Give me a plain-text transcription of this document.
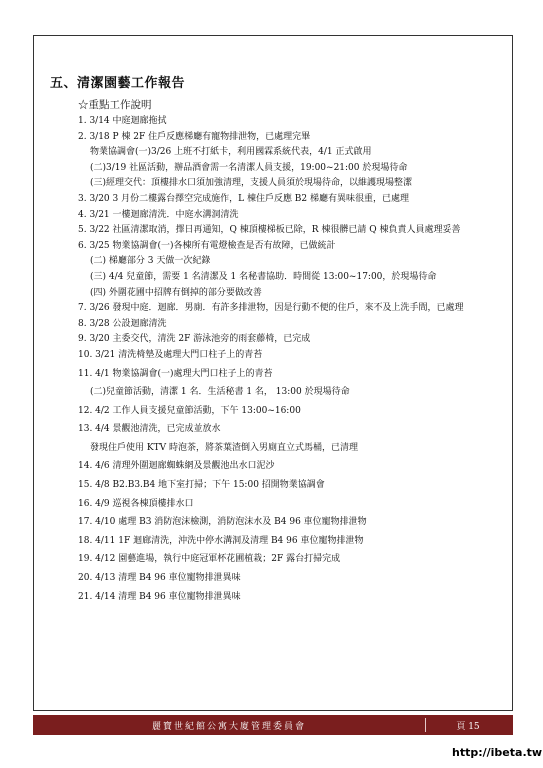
五、清潔園藝工作報告
☆重點工作說明
1. 3/14 中庭迴廊拖拭
2. 3/18 P 棟 2F 住戶反應梯廳有寵物排泄物，已處理完畢
物業協調會(一)3/26 上班不打紙卡，利用國霖系統代表，4/1 正式啟用
(二)3/19 社區活動，辦品酒會需一名清潔人員支援，19:00~21:00 於現場待命
(三)經理交代：頂樓排水口須加強清理，支援人員須於現場待命，以維護現場整潔
3. 3/20 3 月份二樓露台擇空完成施作，L 棟住戶反應 B2 梯廳有異味很重，已處理
4. 3/21 一樓迴廊清洗．中庭水溝洞清洗
5. 3/22 社區清潔取消，擇日再通知，Q 棟頂樓梯板已除，R 棟很髒已請 Q 棟負責人員處理妥善
6. 3/25 物業協調會(一)各棟所有電燈檢查是否有故障，已做統計
(二) 梯廳部分 3 天做一次紀錄
(三) 4/4 兒童節，需要 1 名清潔及 1 名秘書協助．時間從 13:00~17:00，於現場待命
(四) 外圍花圃中招牌有倒掉的部分要做改善
7. 3/26 發現中庭．迴廊．男廁．有許多排泄物，因是行動不便的住戶，來不及上洗手間，已處理
8. 3/28 公設迴廊清洗
9. 3/20 主委交代，清洗 2F 游泳池旁的雨套藤椅，已完成
10. 3/21 清洗椅墊及處理大門口柱子上的青苔
11. 4/1 物業協調會(一)處理大門口柱子上的青苔
(二)兒童節活動，清潔 1 名．生活秘書 1 名， 13:00 於現場待命
12. 4/2 工作人員支援兒童節活動，下午 13:00~16:00
13. 4/4 景觀池清洗，已完成並放水
發現住戶使用 KTV 時泡茶，將茶葉渣倒入男廁直立式馬桶，已清理
14. 4/6 清理外圍迴廊蜘蛛網及景觀池出水口泥沙
15. 4/8 B2.B3.B4 地下室打掃；下午 15:00 招開物業協調會
16. 4/9 巡視各棟頂樓排水口
17. 4/10 處理 B3 消防泡沫檢測，消防泡沫水及 B4 96 車位寵物排泄物
18. 4/11 1F 迴廊清洗，沖洗中停水溝洞及清理 B4 96 車位寵物排泄物
19. 4/12 園藝進場，執行中庭冠軍杯花圃植栽；2F 露台打掃完成
20. 4/13 清理 B4 96 車位寵物排泄異味
21. 4/14 清理 B4 96 車位寵物排泄異味
麗寶世紀館公寓大廈管理委員會	頁 15
http://ibeta.tw
